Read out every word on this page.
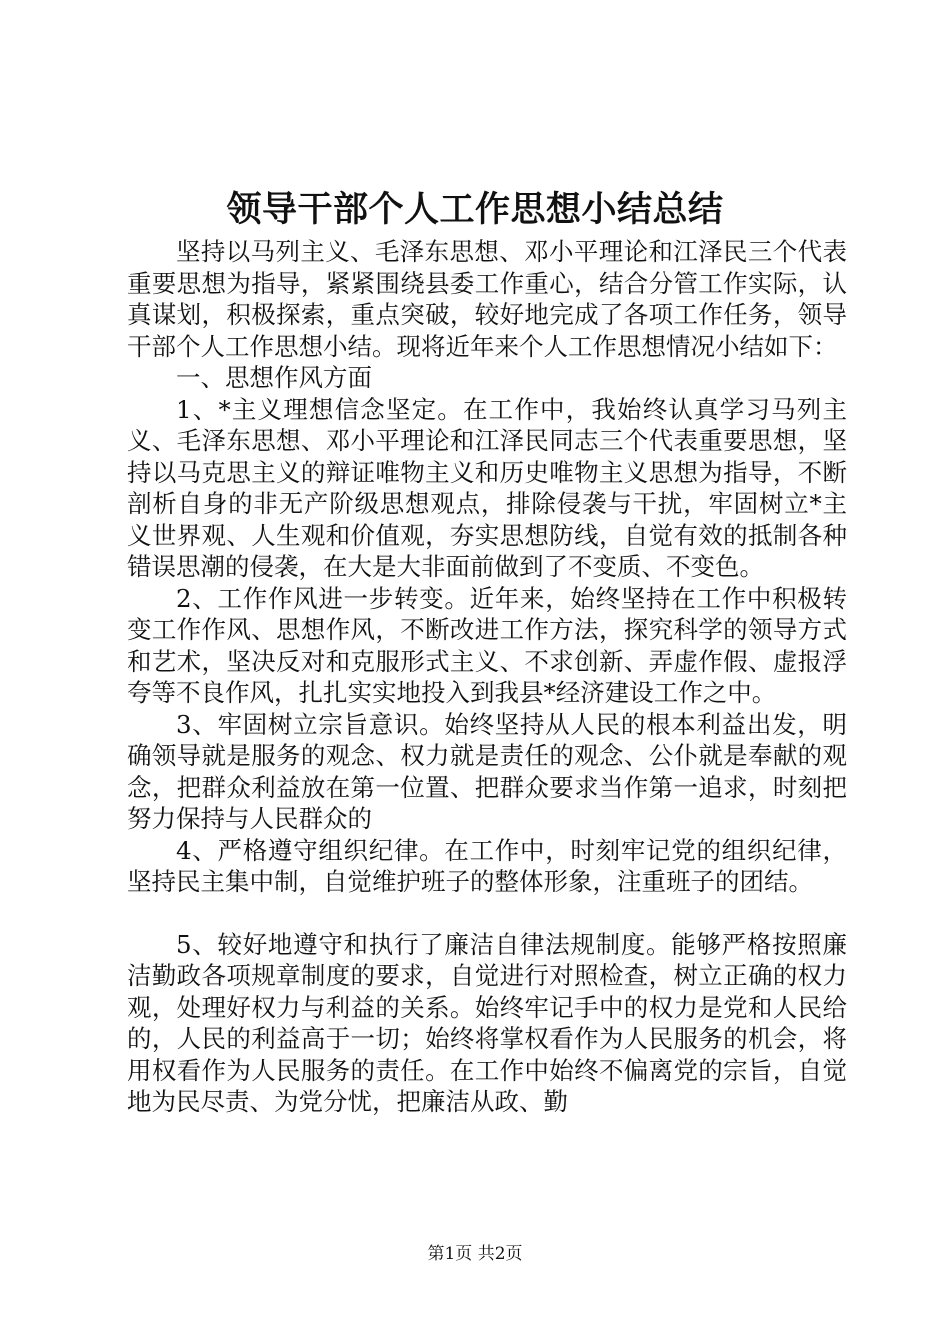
领导干部个人工作思想小结总结

坚持以马列主义、毛泽东思想、邓小平理论和江泽民三个代表重要思想为指导，紧紧围绕县委工作重心，结合分管工作实际，认真谋划，积极探索，重点突破，较好地完成了各项工作任务，领导干部个人工作思想小结。现将近年来个人工作思想情况小结如下：

一、思想作风方面

1、*主义理想信念坚定。在工作中，我始终认真学习马列主义、毛泽东思想、邓小平理论和江泽民同志三个代表重要思想，坚持以马克思主义的辩证唯物主义和历史唯物主义思想为指导，不断剖析自身的非无产阶级思想观点，排除侵袭与干扰，牢固树立*主义世界观、人生观和价值观，夯实思想防线，自觉有效的抵制各种错误思潮的侵袭，在大是大非面前做到了不变质、不变色。

2、工作作风进一步转变。近年来，始终坚持在工作中积极转变工作作风、思想作风，不断改进工作方法，探究科学的领导方式和艺术，坚决反对和克服形式主义、不求创新、弄虚作假、虚报浮夸等不良作风，扎扎实实地投入到我县*经济建设工作之中。

3、牢固树立宗旨意识。始终坚持从人民的根本利益出发，明确领导就是服务的观念、权力就是责任的观念、公仆就是奉献的观念，把群众利益放在第一位置、把群众要求当作第一追求，时刻把努力保持与人民群众的

4、严格遵守组织纪律。在工作中，时刻牢记党的组织纪律，坚持民主集中制，自觉维护班子的整体形象，注重班子的团结。

5、较好地遵守和执行了廉洁自律法规制度。能够严格按照廉洁勤政各项规章制度的要求，自觉进行对照检查，树立正确的权力观，处理好权力与利益的关系。始终牢记手中的权力是党和人民给的，人民的利益高于一切；始终将掌权看作为人民服务的机会，将用权看作为人民服务的责任。在工作中始终不偏离党的宗旨，自觉地为民尽责、为党分忧，把廉洁从政、勤

第1页 共2页
